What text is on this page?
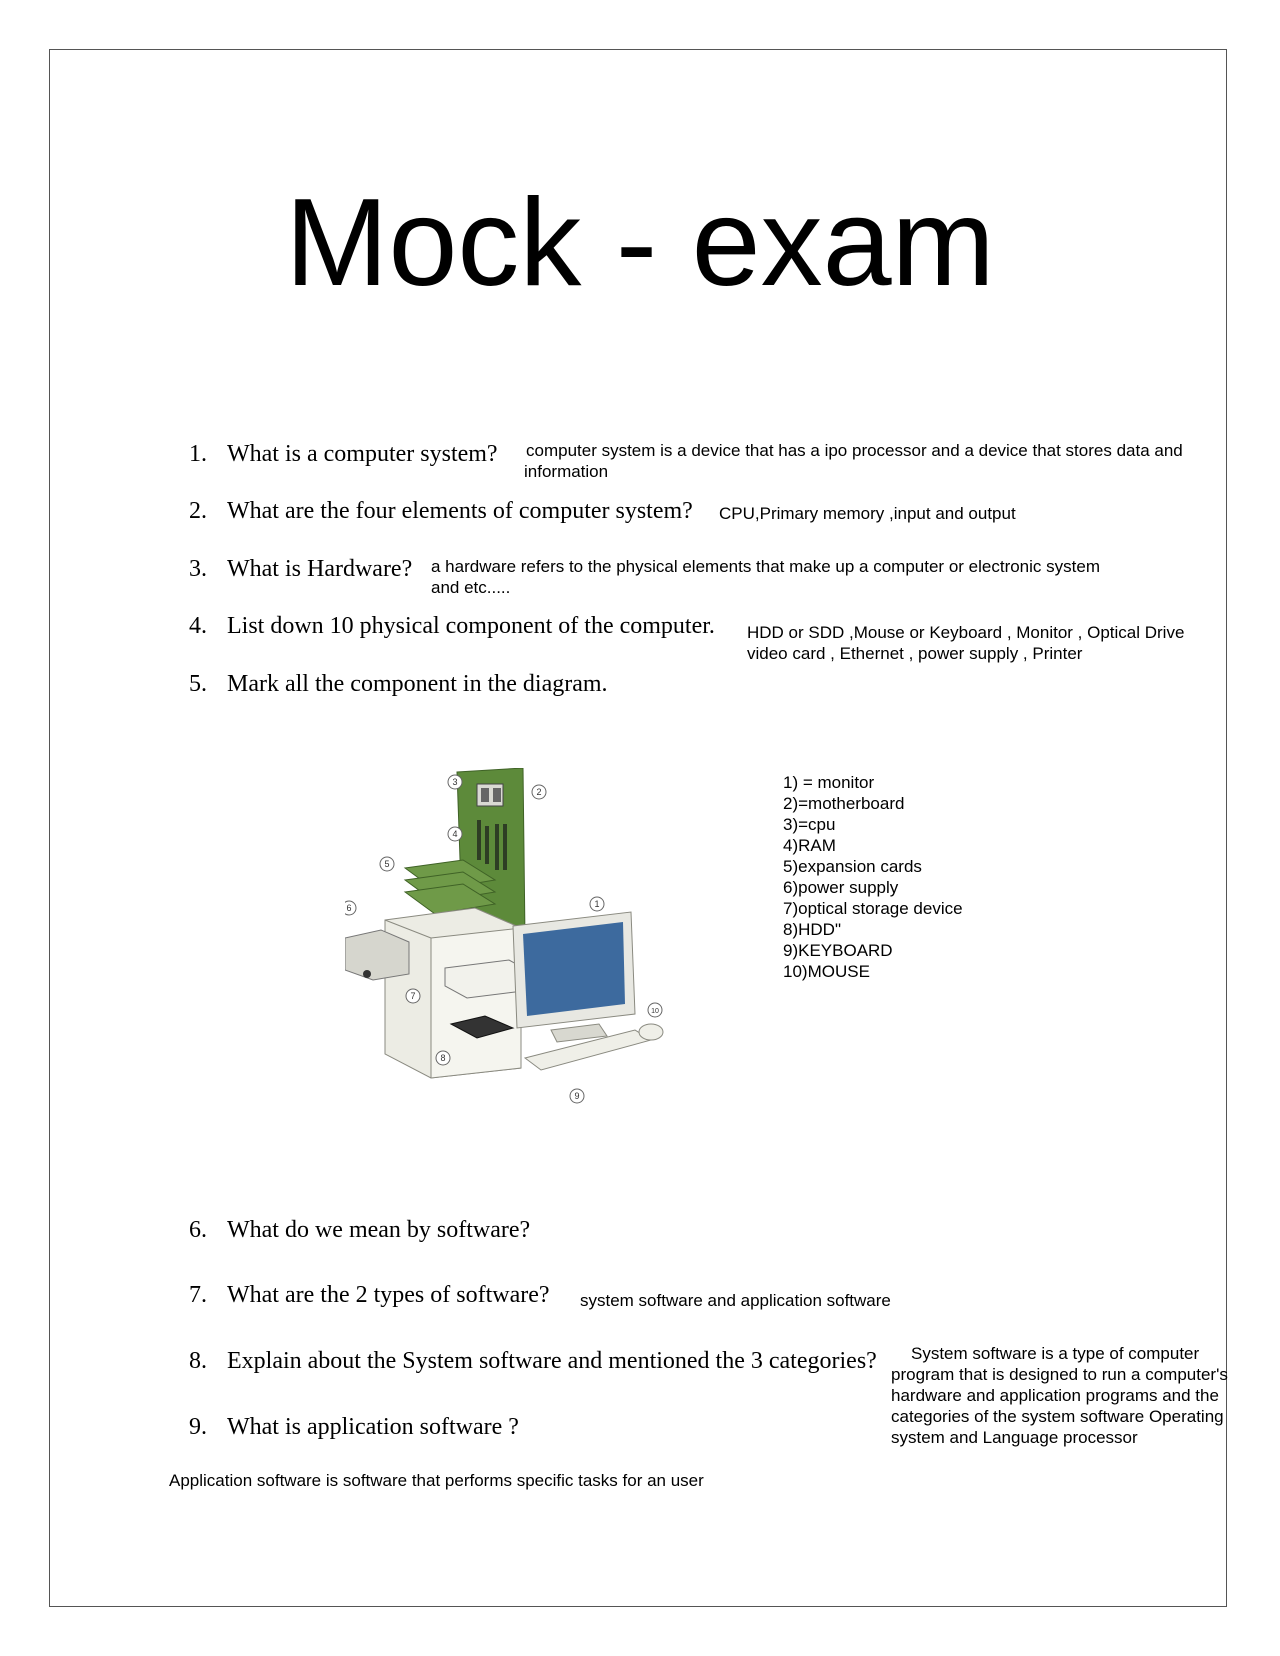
Mock - exam
1. What is a computer system? computer system is a device that has a ipo processor and a device that stores data and
information
2. What are the four elements of computer system? CPU,Primary memory ,input and output
3. What is Hardware? a hardware refers to the physical elements that make up a computer or electronic system
and etc.....
4. List down 10 physical component of the computer. HDD or SDD ,Mouse or Keyboard , Monitor , Optical Drive
video card , Ethernet , power supply , Printer
5. Mark all the component in the diagram.
1
2
3
4
5
6
7
8
9
10
1) = monitor
2)=motherboard
3)=cpu
4)RAM
5)expansion cards
6)power supply
7)optical storage device
8)HDD"
9)KEYBOARD
10)MOUSE
6. What do we mean by software?
7. What are the 2 types of software? system software and application software
8. Explain about the System software and mentioned the 3 categories? System software is a type of computer
program that is designed to run a computer's
hardware and application programs and the
categories of the system software Operating
system and Language processor
9. What is application software ?
Application software is software that performs specific tasks for an user
